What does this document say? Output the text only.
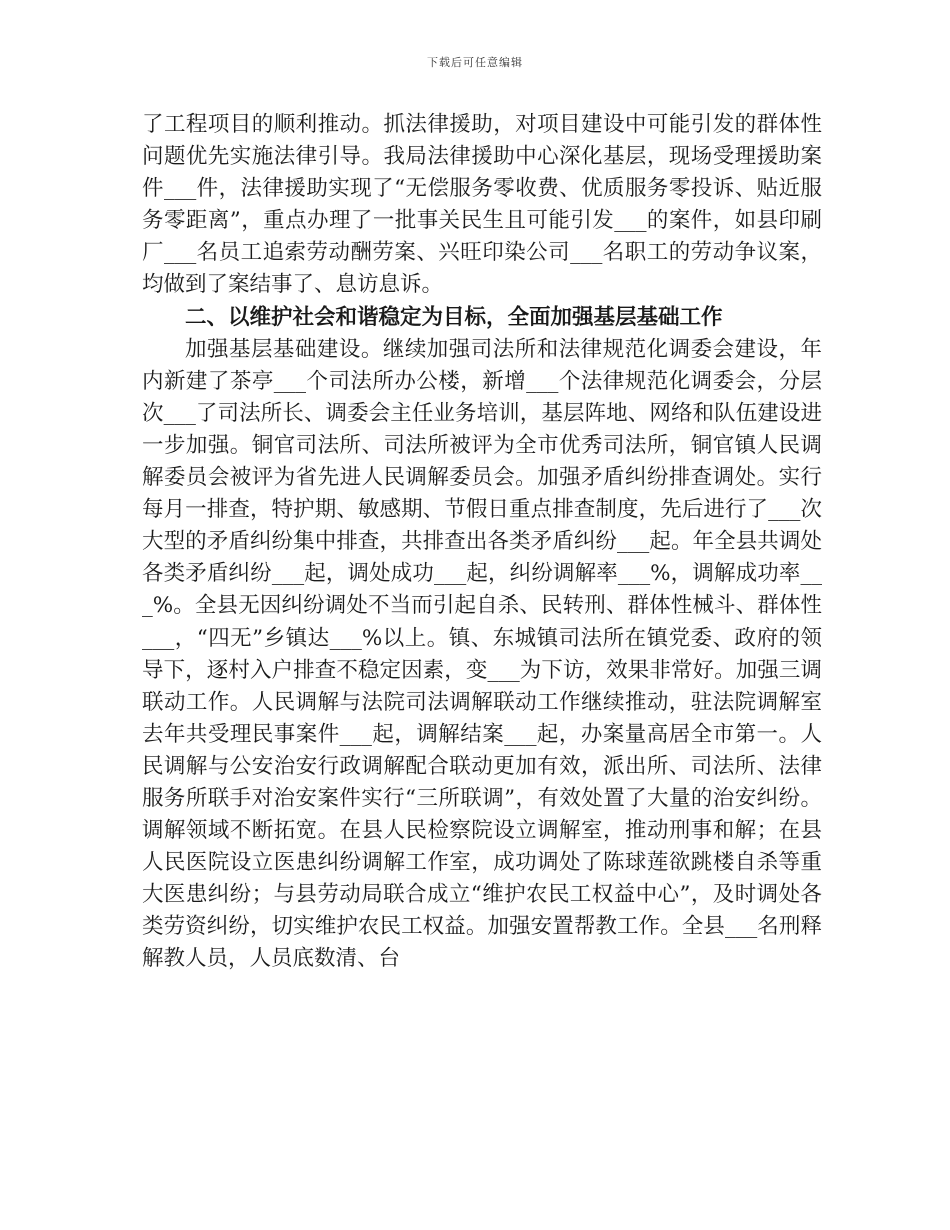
下载后可任意编辑

了工程项目的顺利推动。抓法律援助，对项目建设中可能引发的群体性问题优先实施法律引导。我局法律援助中心深化基层，现场受理援助案件___件，法律援助实现了“无偿服务零收费、优质服务零投诉、贴近服务零距离”，重点办理了一批事关民生且可能引发___的案件，如县印刷厂___名员工追索劳动酬劳案、兴旺印染公司___名职工的劳动争议案，均做到了案结事了、息访息诉。

二、以维护社会和谐稳定为目标，全面加强基层基础工作

加强基层基础建设。继续加强司法所和法律规范化调委会建设，年内新建了茶亭___个司法所办公楼，新增___个法律规范化调委会，分层次___了司法所长、调委会主任业务培训，基层阵地、网络和队伍建设进一步加强。铜官司法所、司法所被评为全市优秀司法所，铜官镇人民调解委员会被评为省先进人民调解委员会。加强矛盾纠纷排查调处。实行每月一排查，特护期、敏感期、节假日重点排查制度，先后进行了___次大型的矛盾纠纷集中排查，共排查出各类矛盾纠纷___起。年全县共调处各类矛盾纠纷___起，调处成功___起，纠纷调解率___%，调解成功率___%。全县无因纠纷调处不当而引起自杀、民转刑、群体性械斗、群体性___，“四无”乡镇达___%以上。镇、东城镇司法所在镇党委、政府的领导下，逐村入户排查不稳定因素，变___为下访，效果非常好。加强三调联动工作。人民调解与法院司法调解联动工作继续推动，驻法院调解室去年共受理民事案件___起，调解结案___起，办案量高居全市第一。人民调解与公安治安行政调解配合联动更加有效，派出所、司法所、法律服务所联手对治安案件实行“三所联调”，有效处置了大量的治安纠纷。调解领域不断拓宽。在县人民检察院设立调解室，推动刑事和解；在县人民医院设立医患纠纷调解工作室，成功调处了陈球莲欲跳楼自杀等重大医患纠纷；与县劳动局联合成立“维护农民工权益中心”，及时调处各类劳资纠纷，切实维护农民工权益。加强安置帮教工作。全县___名刑释解教人员，人员底数清、台
